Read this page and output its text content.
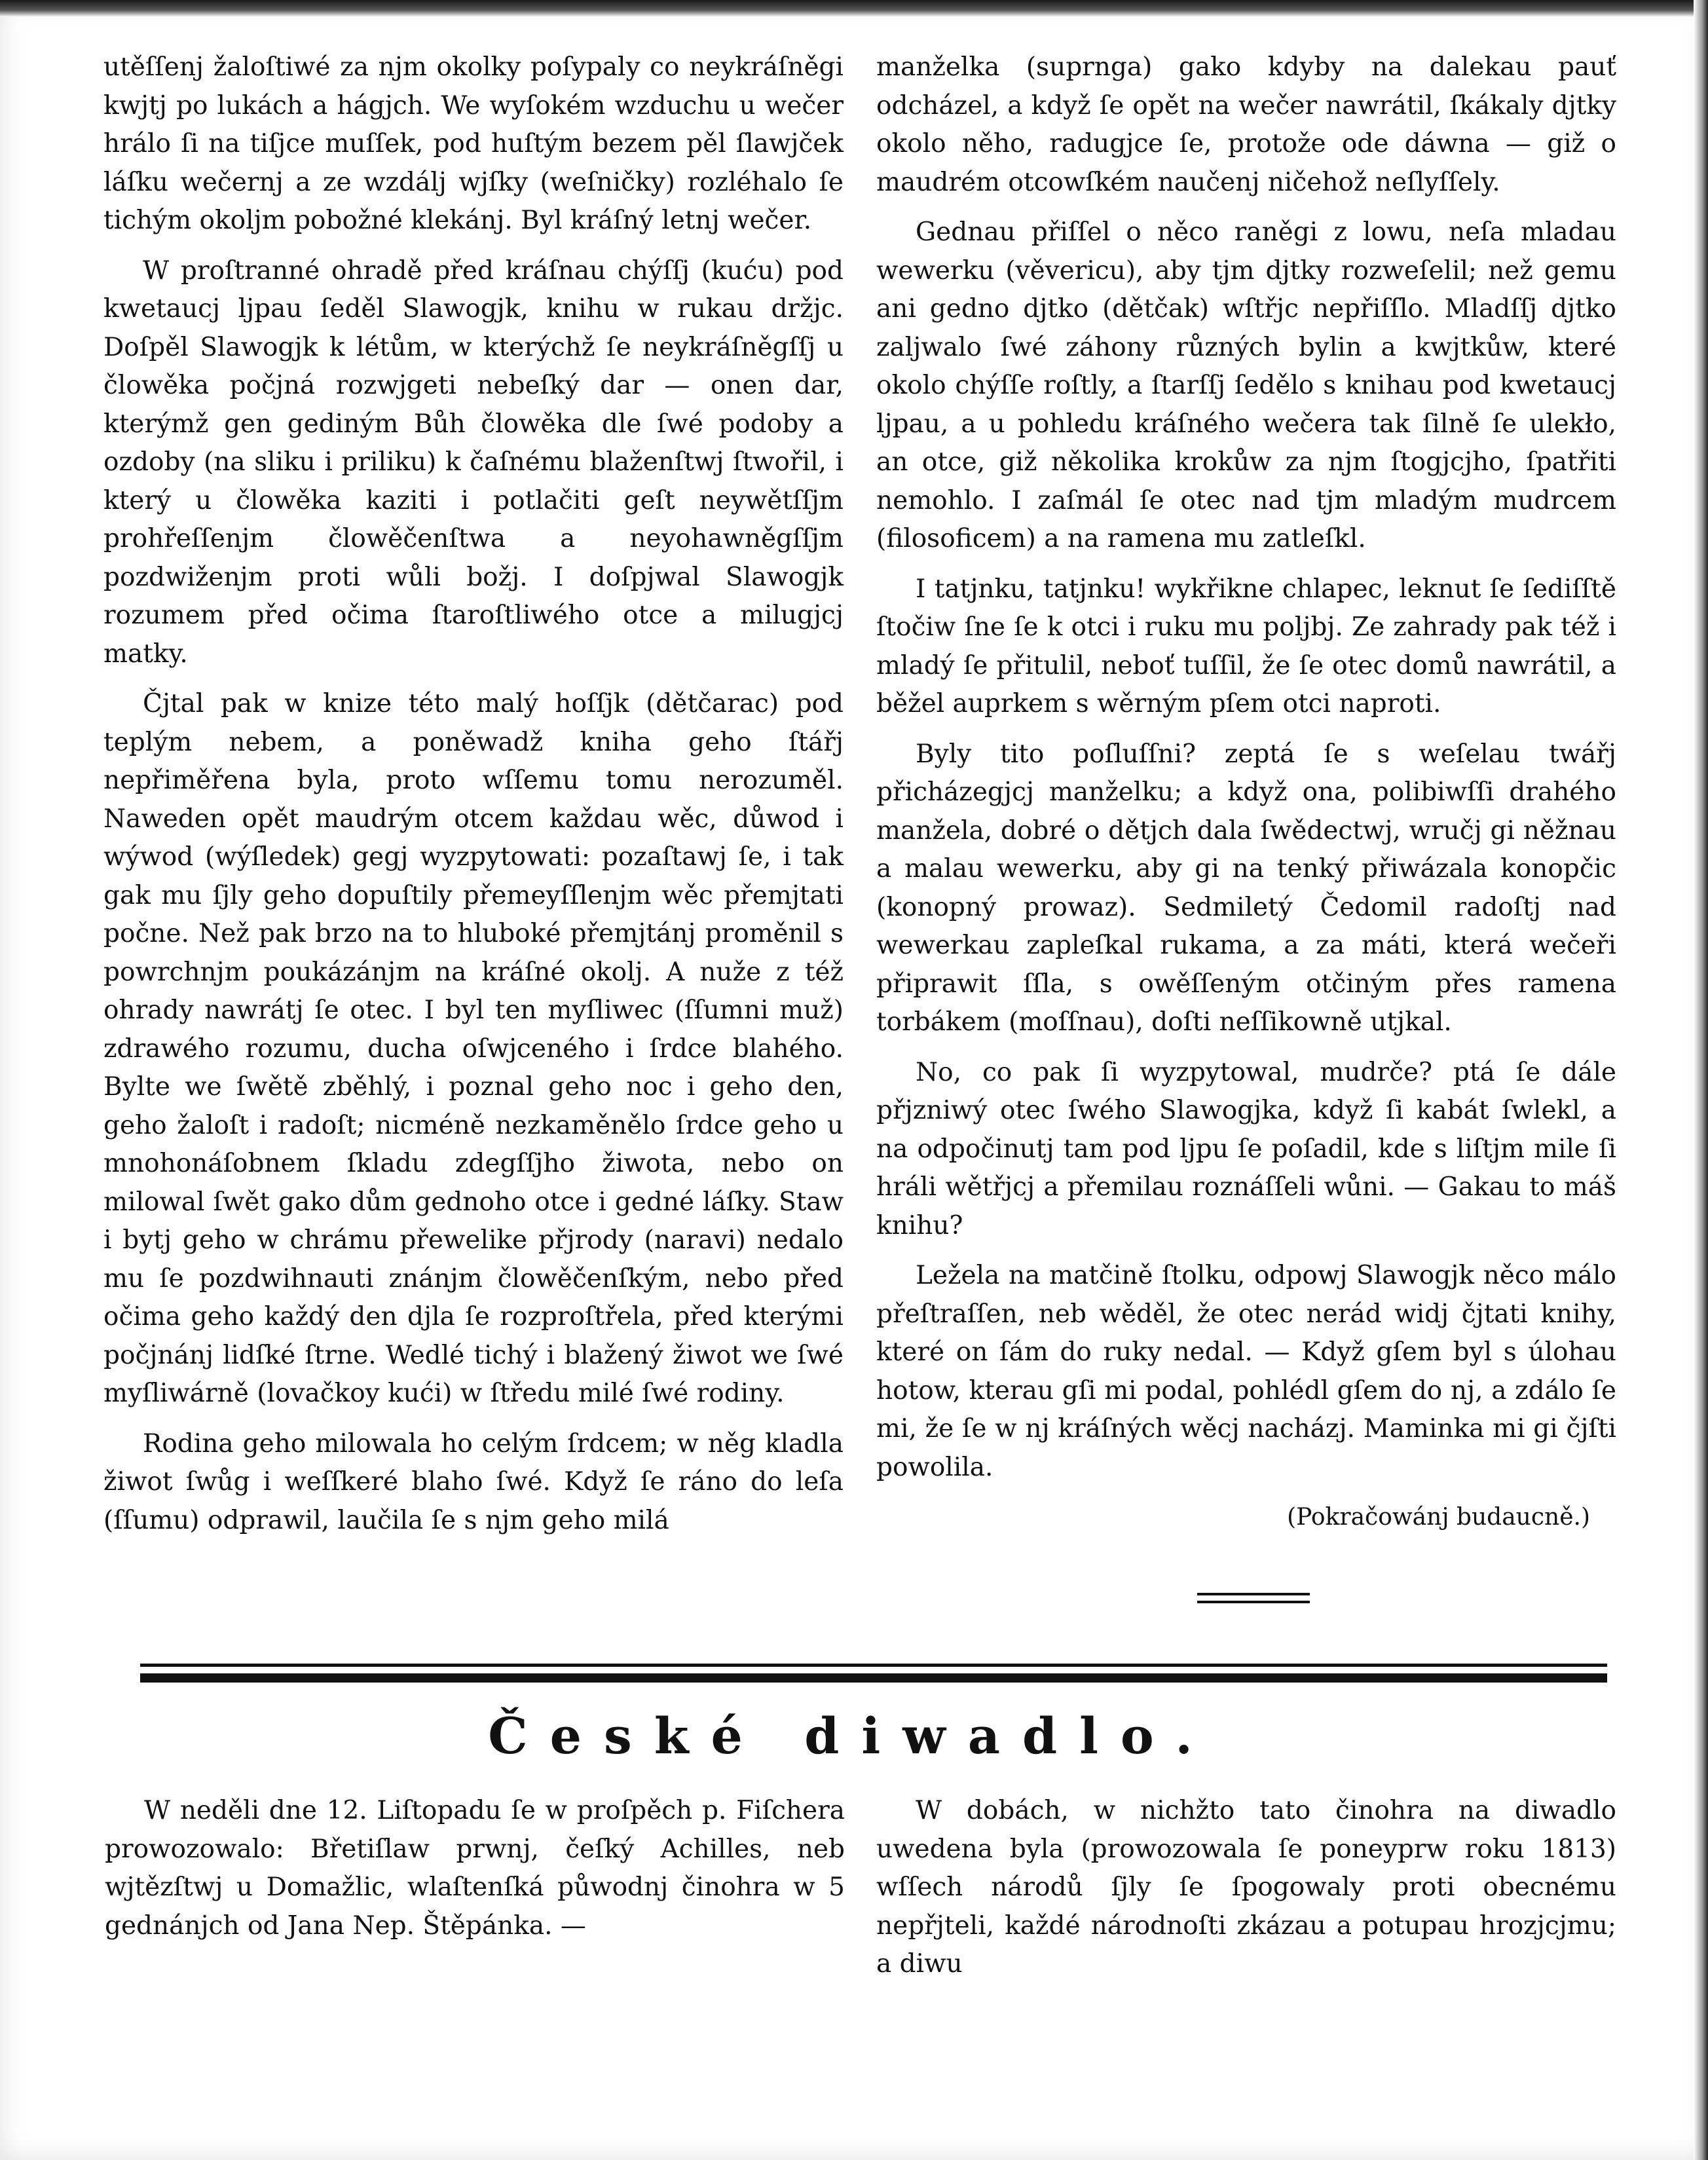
utěſſenj žaloſtiwé za njm okolky poſypaly co neykráſněgi kwjtj po lukách a hágjch. We wyſokém wzduchu u wečer hrálo ſi na tiſjce muſſek, pod huſtým bezem pěl ſlawjček láſku wečernj a ze wzdálj wjſky (weſničky) rozléhalo ſe tichým okoljm pobožné klekánj. Byl kráſný letnj wečer.

W proſtranné ohradě před kráſnau chýſſj (kuću) pod kwetaucj ljpau ſeděl Slawogjk, knihu w rukau držjc. Doſpěl Slawogjk k létům, w kterýchž ſe neykráſněgſſj u člowěka počjná rozwjgeti nebeſký dar — onen dar, kterýmž gen gediným Bůh člowěka dle ſwé podoby a ozdoby (na sliku i priliku) k čaſnému blaženſtwj ſtwořil, i který u člowěka kaziti i potlačiti geſt neywětſſjm prohřeſſenjm člowěčenſtwa a neyohawněgſſjm pozdwiženjm proti wůli božj. I doſpjwal Slawogjk rozumem před očima ſtaroſtliwého otce a milugjcj matky.

Čjtal pak w knize této malý hoſſjk (dětčarac) pod teplým nebem, a poněwadž kniha geho ſtářj nepřiměřena byla, proto wſſemu tomu nerozuměl. Naweden opět maudrým otcem každau wěc, důwod i wýwod (wýſledek) gegj wyzpytowati: pozaſtawj ſe, i tak gak mu ſjly geho dopuſtily přemeyſſlenjm wěc přemjtati počne. Než pak brzo na to hluboké přemjtánj proměnil s powrchnjm poukázánjm na kráſné okolj. A nuže z též ohrady nawrátj ſe otec. I byl ten myſliwec (ſſumni muž) zdrawého rozumu, ducha oſwjceného i ſrdce blahého. Bylte we ſwětě zběhlý, i poznal geho noc i geho den, geho žaloſt i radoſt; nicméně nezkaměnělo ſrdce geho u mnohonáſobnem ſkladu zdegſſjho žiwota, nebo on milowal ſwět gako dům gednoho otce i gedné láſky. Staw i bytj geho w chrámu přewelike přjrody (naravi) nedalo mu ſe pozdwihnauti znánjm člowěčenſkým, nebo před očima geho každý den djla ſe rozproſtřela, před kterými počjnánj lidſké ſtrne. Wedlé tichý i blažený žiwot we ſwé myſliwárně (lovačkoy kući) w ſtředu milé ſwé rodiny.

Rodina geho milowala ho celým ſrdcem; w něg kladla žiwot ſwůg i weſſkeré blaho ſwé. Když ſe ráno do leſa (ſſumu) odprawil, laučila ſe s njm geho milá

manželka (suprnga) gako kdyby na dalekau pauť odcházel, a když ſe opět na wečer nawrátil, ſkákaly djtky okolo něho, radugjce ſe, protože ode dáwna — giž o maudrém otcowſkém naučenj ničehož neſlyſſely.

Gednau přiſſel o něco raněgi z lowu, neſa mladau wewerku (věvericu), aby tjm djtky rozweſelil; než gemu ani gedno djtko (dětčak) wſtřjc nepřiſſlo. Mladſſj djtko zaljwalo ſwé záhony různých bylin a kwjtkůw, které okolo chýſſe roſtly, a ſtarſſj ſedělo s knihau pod kwetaucj ljpau, a u pohledu kráſného wečera tak ſilně ſe ulekło, an otce, giž několika krokůw za njm ſtogjcjho, ſpatřiti nemohlo. I zaſmál ſe otec nad tjm mladým mudrcem (filosoficem) a na ramena mu zatleſkl.

I tatjnku, tatjnku! wykřikne chlapec, leknut ſe ſediſſtě ſtočiw ſne ſe k otci i ruku mu poljbj. Ze zahrady pak též i mladý ſe přitulil, neboť tuſſil, že ſe otec domů nawrátil, a běžel auprkem s wěrným pſem otci naproti.

Byly tito poſluſſni? zeptá ſe s weſelau twářj přicházegjcj manželku; a když ona, polibiwſſi drahého manžela, dobré o dětjch dala ſwědectwj, wručj gi něžnau a malau wewerku, aby gi na tenký přiwázala konopčic (konopný prowaz). Sedmiletý Čedomil radoſtj nad wewerkau zapleſkal rukama, a za máti, která wečeři připrawit ſſla, s owěſſeným otčiným přes ramena torbákem (moſſnau), doſti neſſikowně utjkal.

No, co pak ſi wyzpytowal, mudrče? ptá ſe dále přjzniwý otec ſwého Slawogjka, když ſi kabát ſwlekl, a na odpočinutj tam pod ljpu ſe poſadil, kde s liſtjm mile ſi hráli wětřjcj a přemilau roznáſſeli wůni. — Gakau to máš knihu?

Ležela na matčině ſtolku, odpowj Slawogjk něco málo přeſtraſſen, neb wěděl, že otec nerád widj čjtati knihy, které on ſám do ruky nedal. — Když gſem byl s úlohau hotow, kterau gſi mi podal, pohlédl gſem do nj, a zdálo ſe mi, že ſe w nj kráſných wěcj nacházj. Maminka mi gi čjſti powolila.

(Pokračowánj budaucně.)
České diwadlo.

W neděli dne 12. Liſtopadu ſe w proſpěch p. Fiſchera prowozowalo: Břetiſlaw prwnj, čeſký Achilles, neb wjtězſtwj u Domažlic, wlaſtenſká půwodnj činohra w 5 gednánjch od Jana Nep. Štěpánka. —

W dobách, w nichžto tato činohra na diwadlo uwedena byla (prowozowala ſe poneyprw roku 1813) wſſech národů ſjly ſe ſpogowaly proti obecnému nepřjteli, každé národnoſti zkázau a potupau hrozjcjmu; a diwu
